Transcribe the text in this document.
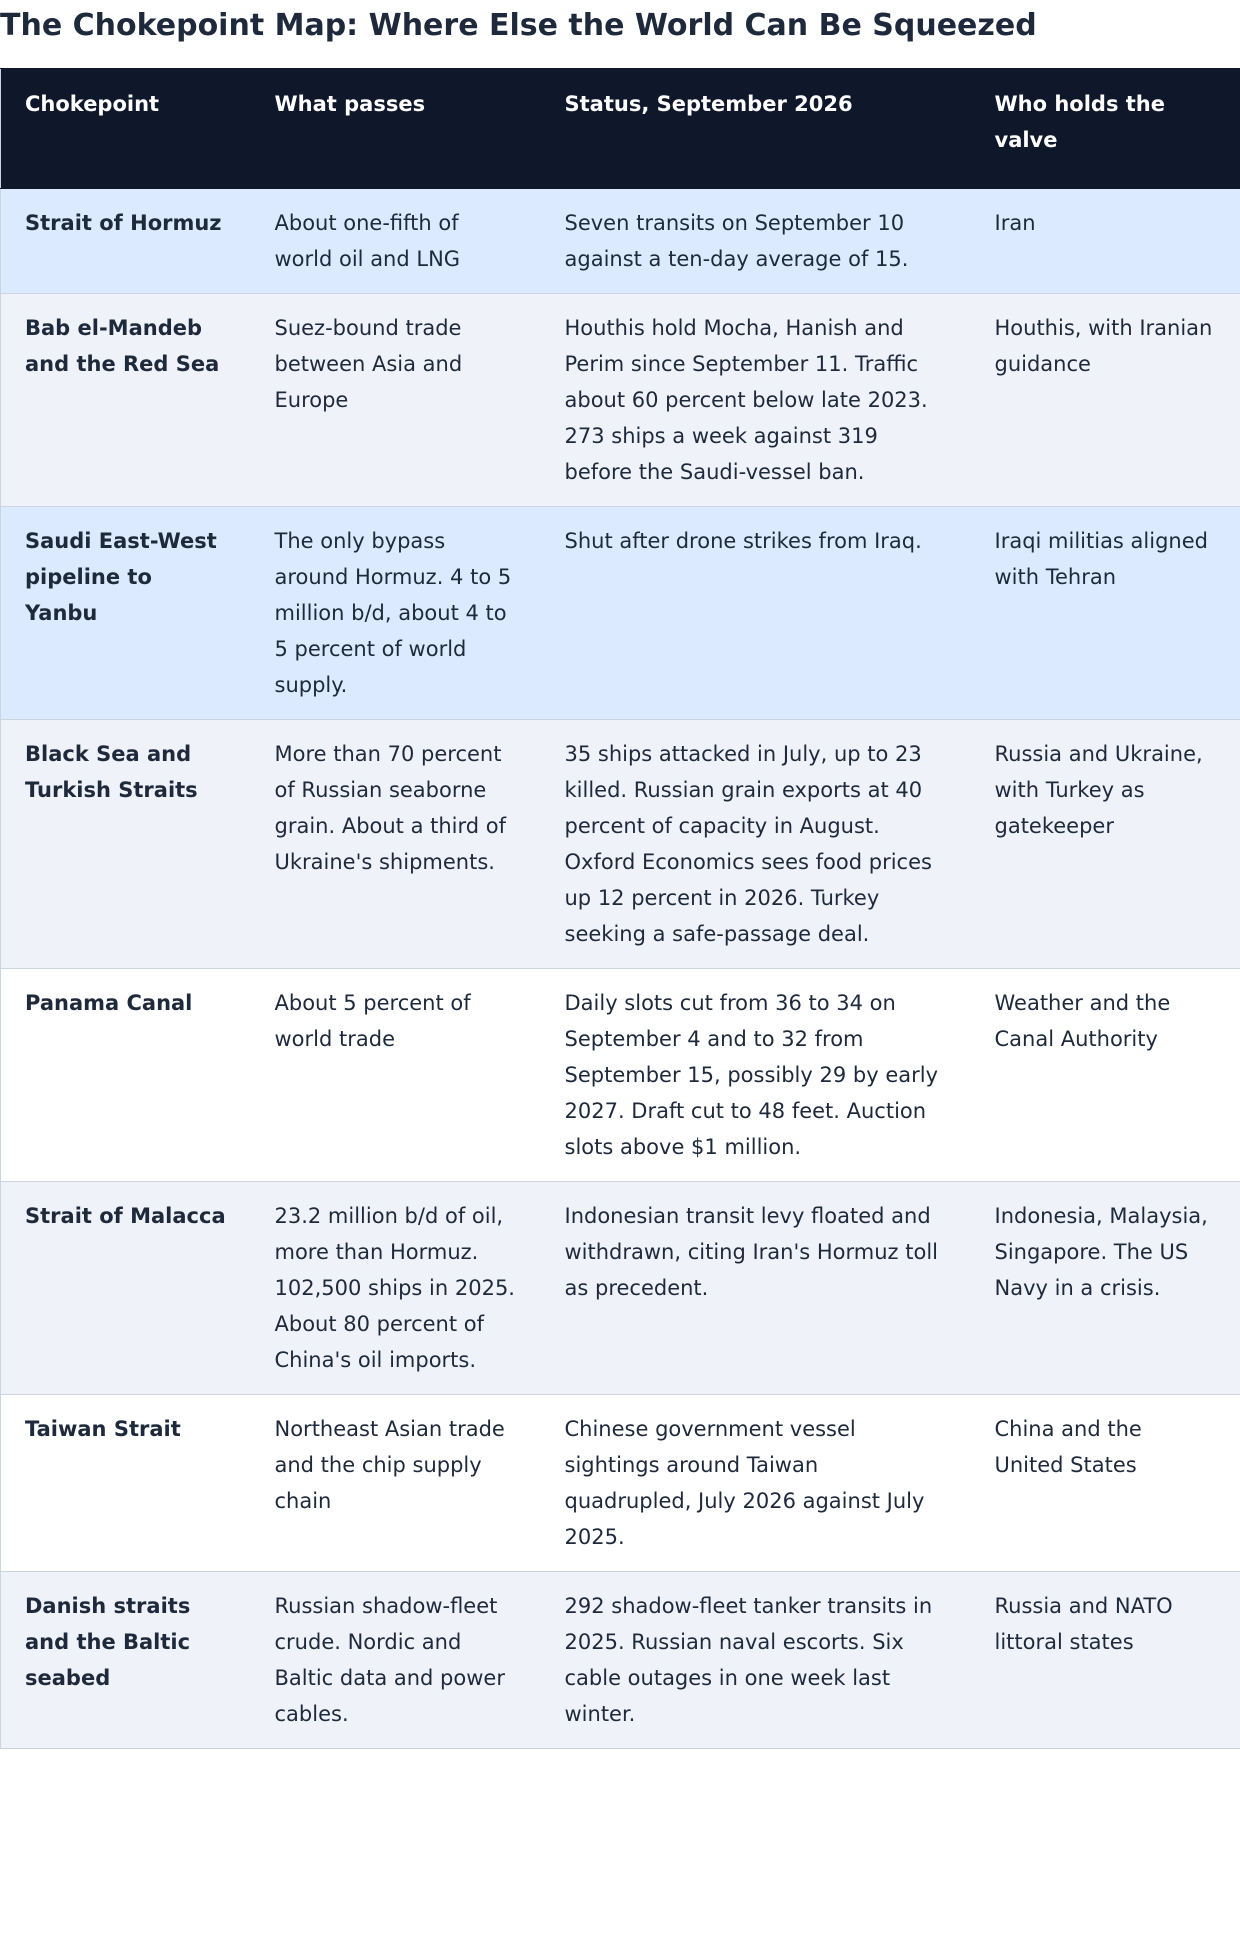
The Chokepoint Map: Where Else the World Can Be Squeezed
Chokepoint	What passes	Status, September 2026	Who holds the valve
Strait of Hormuz	About one-fifth of world oil and LNG	Seven transits on September 10 against a ten-day average of 15.	Iran
Bab el-Mandeb and the Red Sea	Suez-bound trade between Asia and Europe	Houthis hold Mocha, Hanish and Perim since September 11. Traffic about 60 percent below late 2023. 273 ships a week against 319 before the Saudi-vessel ban.	Houthis, with Iranian guidance
Saudi East-West pipeline to Yanbu	The only bypass around Hormuz. 4 to 5 million b/d, about 4 to 5 percent of world supply.	Shut after drone strikes from Iraq.	Iraqi militias aligned with Tehran
Black Sea and Turkish Straits	More than 70 percent of Russian seaborne grain. About a third of Ukraine's shipments.	35 ships attacked in July, up to 23 killed. Russian grain exports at 40 percent of capacity in August. Oxford Economics sees food prices up 12 percent in 2026. Turkey seeking a safe-passage deal.	Russia and Ukraine, with Turkey as gatekeeper
Panama Canal	About 5 percent of world trade	Daily slots cut from 36 to 34 on September 4 and to 32 from September 15, possibly 29 by early 2027. Draft cut to 48 feet. Auction slots above $1 million.	Weather and the Canal Authority
Strait of Malacca	23.2 million b/d of oil, more than Hormuz. 102,500 ships in 2025. About 80 percent of China's oil imports.	Indonesian transit levy floated and withdrawn, citing Iran's Hormuz toll as precedent.	Indonesia, Malaysia, Singapore. The US Navy in a crisis.
Taiwan Strait	Northeast Asian trade and the chip supply chain	Chinese government vessel sightings around Taiwan quadrupled, July 2026 against July 2025.	China and the United States
Danish straits and the Baltic seabed	Russian shadow-fleet crude. Nordic and Baltic data and power cables.	292 shadow-fleet tanker transits in 2025. Russian naval escorts. Six cable outages in one week last winter.	Russia and NATO littoral states
